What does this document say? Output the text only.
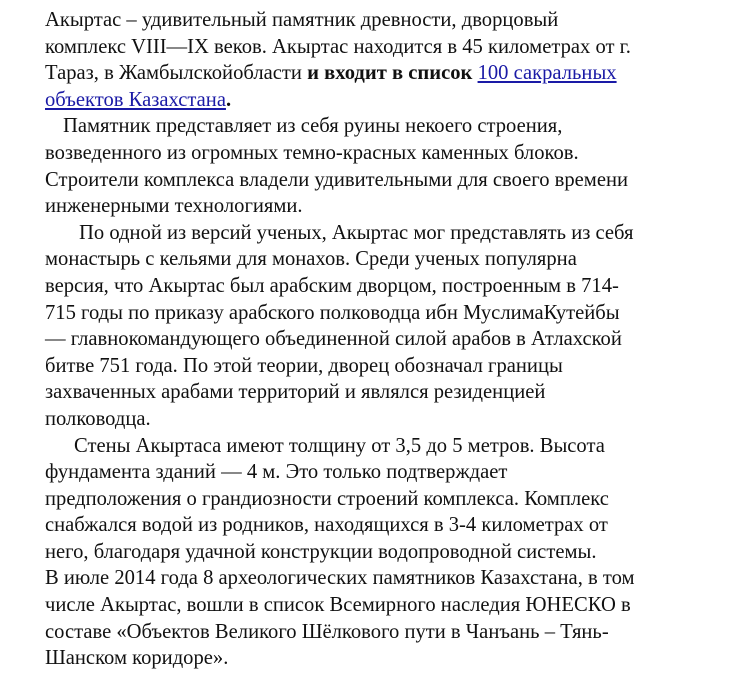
Акыртас – удивительный памятник древности, дворцовый
комплекс VIII—IX веков. Акыртас находится в 45 километрах от г.
Тараз, в Жамбылскойобласти и входит в список 100 сакральных
объектов Казахстана.
Памятник представляет из себя руины некоего строения,
возведенного из огромных темно-красных каменных блоков.
Строители комплекса владели удивительными для своего времени
инженерными технологиями.
По одной из версий ученых, Акыртас мог представлять из себя
монастырь с кельями для монахов. Среди ученых популярна
версия, что Акыртас был арабским дворцом, построенным в 714-
715 годы по приказу арабского полководца ибн МуслимаКутейбы
— главнокомандующего объединенной силой арабов в Атлахской
битве 751 года. По этой теории, дворец обозначал границы
захваченных арабами территорий и являлся резиденцией
полководца.
Стены Акыртаса имеют толщину от 3,5 до 5 метров. Высота
фундамента зданий — 4 м. Это только подтверждает
предположения о грандиозности строений комплекса. Комплекс
снабжался водой из родников, находящихся в 3-4 километрах от
него, благодаря удачной конструкции водопроводной системы.
В июле 2014 года 8 археологических памятников Казахстана, в том
числе Акыртас, вошли в список Всемирного наследия ЮНЕСКО в
составе «Объектов Великого Шёлкового пути в Чанъань – Тянь-
Шанском коридоре».
